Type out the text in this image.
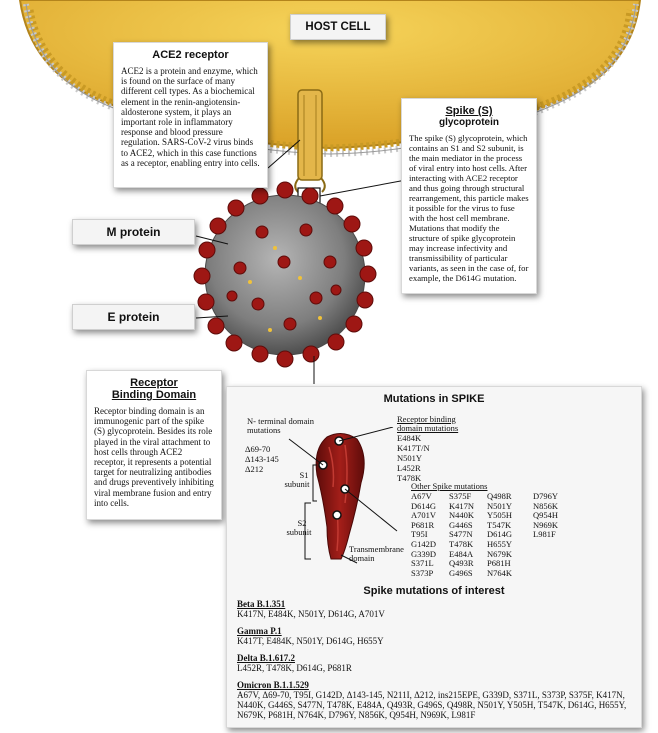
HOST CELL
ACE2 receptor
ACE2 is a protein and enzyme, which is found on the surface of many different cell types. As a biochemical element in the renin-angiotensin-aldosterone system, it plays an important role in inflammatory response and blood pressure regulation. SARS-CoV-2 virus binds to ACE2, which in this case functions as a receptor, enabling entry into cells.
Spike (S)
glycoprotein
The spike (S) glycoprotein, which contains an S1 and S2 subunit, is the main mediator in the process of viral entry into host cells. After interacting with ACE2 receptor and thus going through structural rearrangement, this particle makes it possible for the virus to fuse with the host cell membrane. Mutations that modify the structure of spike glycoprotein may increase infectivity and transmissibility of particular variants, as seen in the case of, for example, the D614G mutation.
M protein
E protein
Receptor
Binding Domain
Receptor binding domain is an immunogenic part of the spike (S) glycoprotein. Besides its role played in the viral attachment to host cells through ACE2 receptor, it represents a potential target for neutralizing antibodies and drugs preventively inhibiting viral membrane fusion and entry into cells.
Mutations in SPIKE
N- terminal domain
mutations
Δ69-70
Δ143-145
Δ212
S1
subunit
S2
subunit
Transmembrane
domain
Receptor binding
domain mutations
E484K
K417T/N
N501Y
L452R
T478K
Other Spike mutations
A67V	S375F	Q498R	D796Y
D614G	K417N	N501Y	N856K
A701V	N440K	Y505H	Q954H
P681R	G446S	T547K	N969K
T95I	S477N	D614G	L981F
G142D	T478K	H655Y
G339D	E484A	N679K
S371L	Q493R	P681H
S373P	G496S	N764K
Spike mutations of interest
Beta B.1.351
K417N, E484K, N501Y, D614G, A701V
Gamma P.1
K417T, E484K, N501Y, D614G, H655Y
Delta B.1.617.2
L452R, T478K, D614G, P681R
Omicron B.1.1.529
A67V, Δ69-70, T95I, G142D, Δ143-145, N211I, Δ212, ins215EPE, G339D, S371L, S373P, S375F, K417N, N440K, G446S, S477N, T478K, E484A, Q493R, G496S, Q498R, N501Y, Y505H, T547K, D614G, H655Y, N679K, P681H, N764K, D796Y, N856K, Q954H, N969K, L981F
